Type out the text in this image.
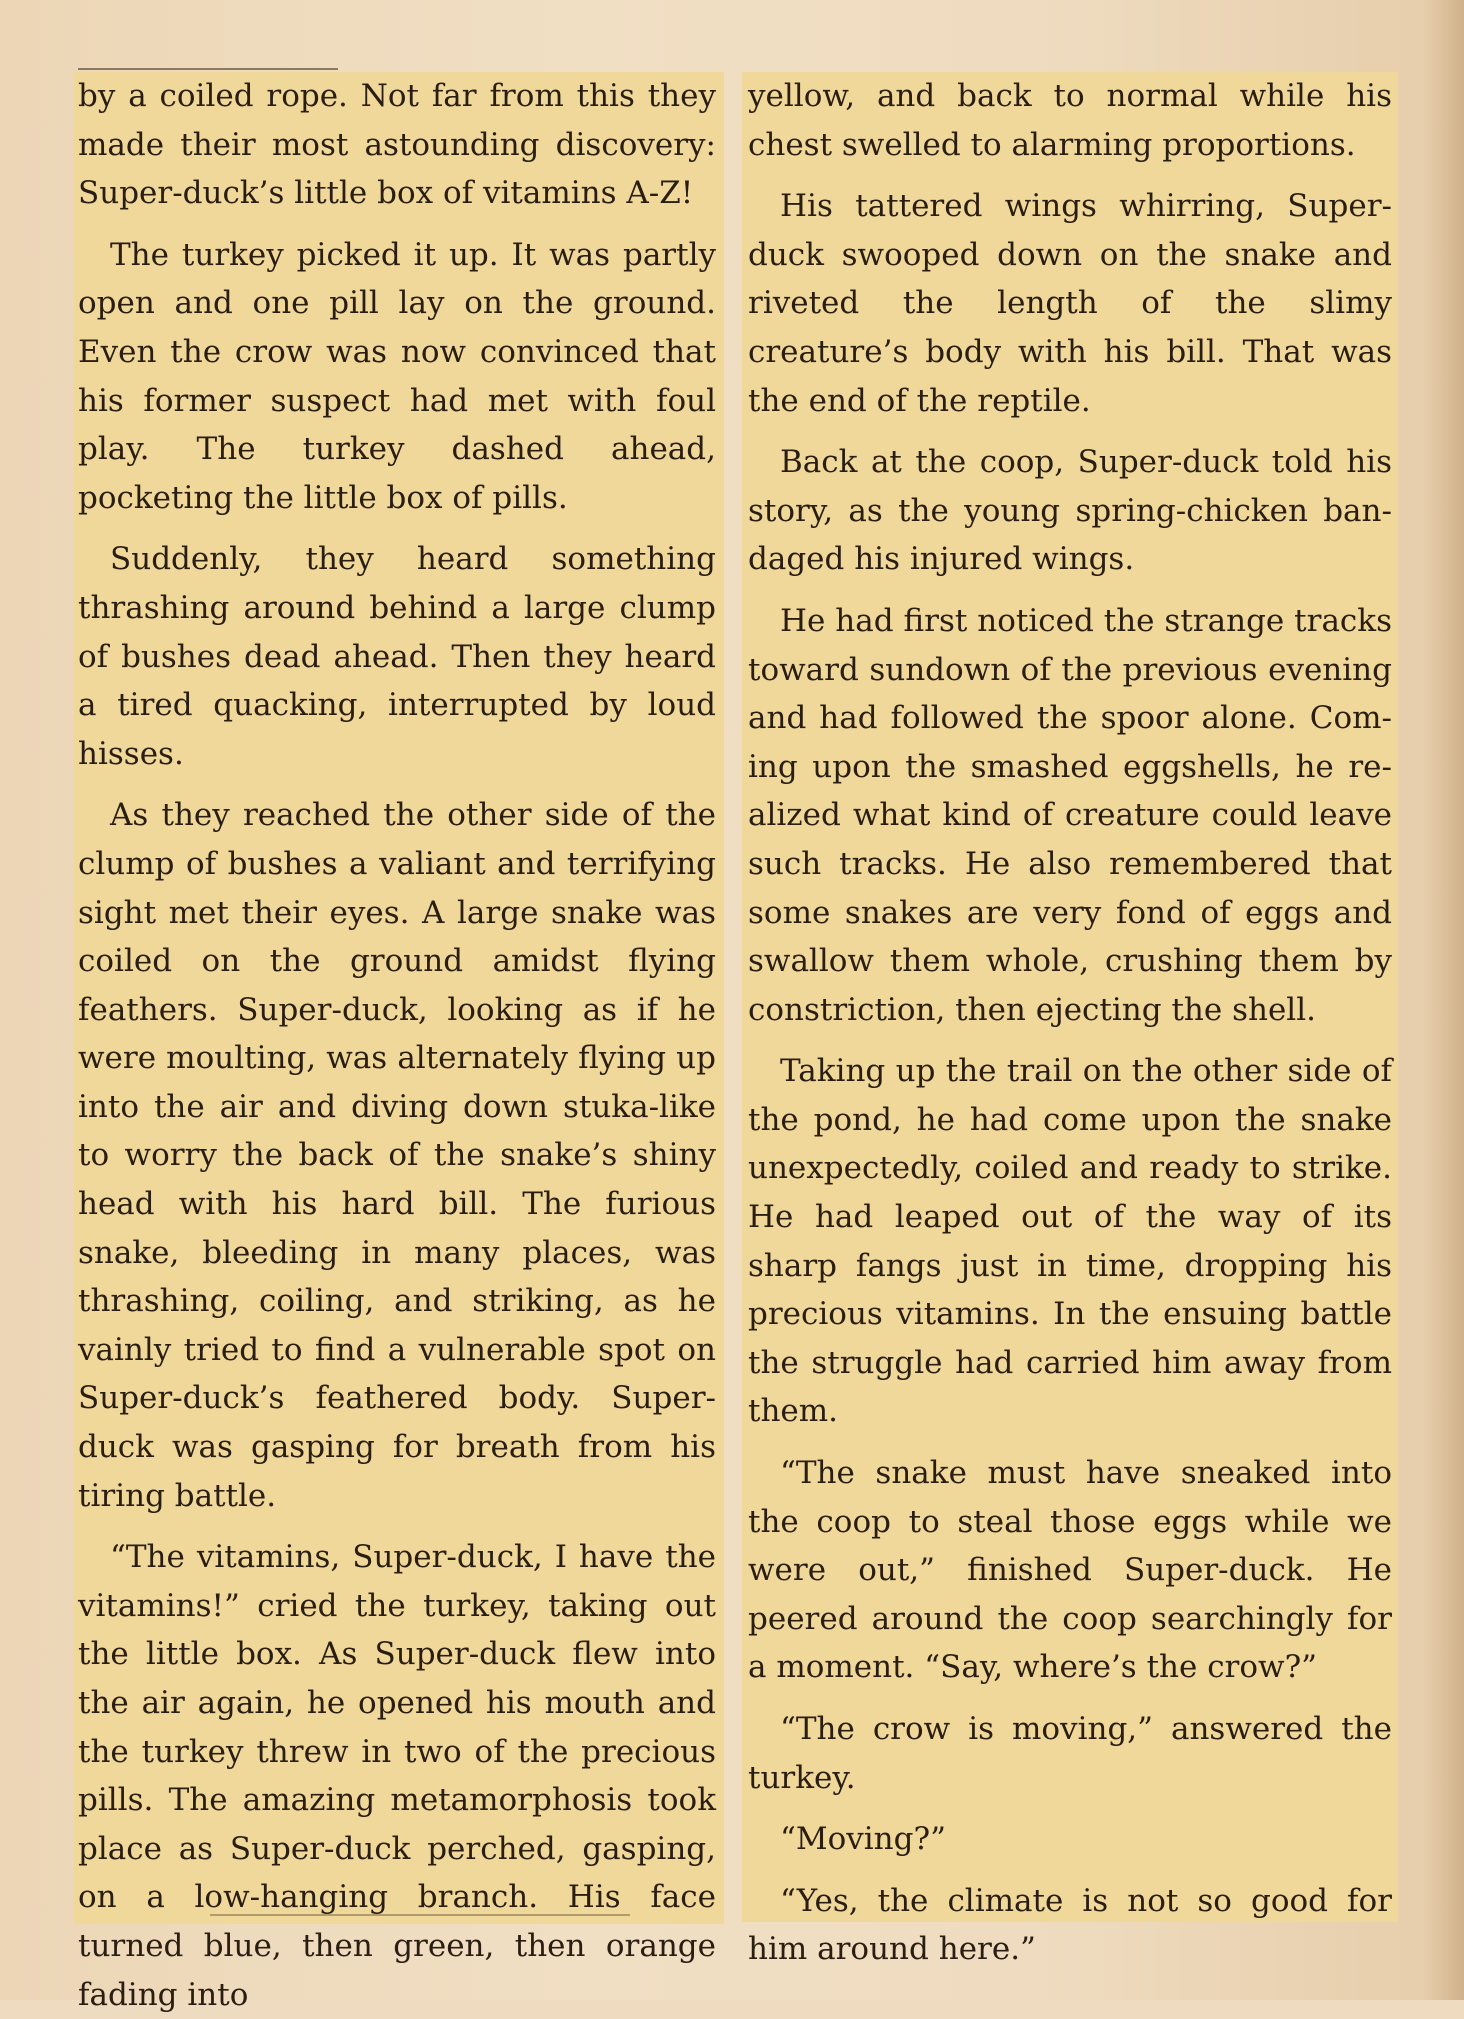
by a coiled rope. Not far from this they made their most astounding discovery: Super-duck’s little box of vitamins A-Z!

The turkey picked it up. It was partly open and one pill lay on the ground. Even the crow was now convinced that his former suspect had met with foul play. The turkey dashed ahead, pocketing the little box of pills.

Suddenly, they heard something thrashing around behind a large clump of bushes dead ahead. Then they heard a tired quacking, interrupted by loud hisses.

As they reached the other side of the clump of bushes a valiant and terrifying sight met their eyes. A large snake was coiled on the ground amidst flying feathers. Super-duck, looking as if he were moulting, was alternately flying up into the air and diving down stuka-like to worry the back of the snake’s shiny head with his hard bill. The furious snake, bleeding in many places, was thrashing, coiling, and striking, as he vainly tried to find a vulnerable spot on Super-duck’s feathered body. Super-duck was gasping for breath from his tiring battle.

“The vitamins, Super-duck, I have the vitamins!” cried the turkey, taking out the little box. As Super-duck flew into the air again, he opened his mouth and the turkey threw in two of the precious pills. The amazing metamorphosis took place as Super-duck perched, gasping, on a low-hanging branch. His face turned blue, then green, then orange fading into

yellow, and back to normal while his chest swelled to alarming proportions.

His tattered wings whirring, Superduck swooped down on the snake and riveted the length of the slimy creature’s body with his bill. That was the end of the reptile.

Back at the coop, Super-duck told his story, as the young spring-chicken bandaged his injured wings.

He had first noticed the strange tracks toward sundown of the previous evening and had followed the spoor alone. Coming upon the smashed eggshells, he realized what kind of creature could leave such tracks. He also remembered that some snakes are very fond of eggs and swallow them whole, crushing them by constriction, then ejecting the shell.

Taking up the trail on the other side of the pond, he had come upon the snake unexpectedly, coiled and ready to strike. He had leaped out of the way of its sharp fangs just in time, dropping his precious vitamins. In the ensuing battle the struggle had carried him away from them.

“The snake must have sneaked into the coop to steal those eggs while we were out,” finished Super-duck. He peered around the coop searchingly for a moment. “Say, where’s the crow?”

“The crow is moving,” answered the turkey.

“Moving?”

“Yes, the climate is not so good for him around here.”
